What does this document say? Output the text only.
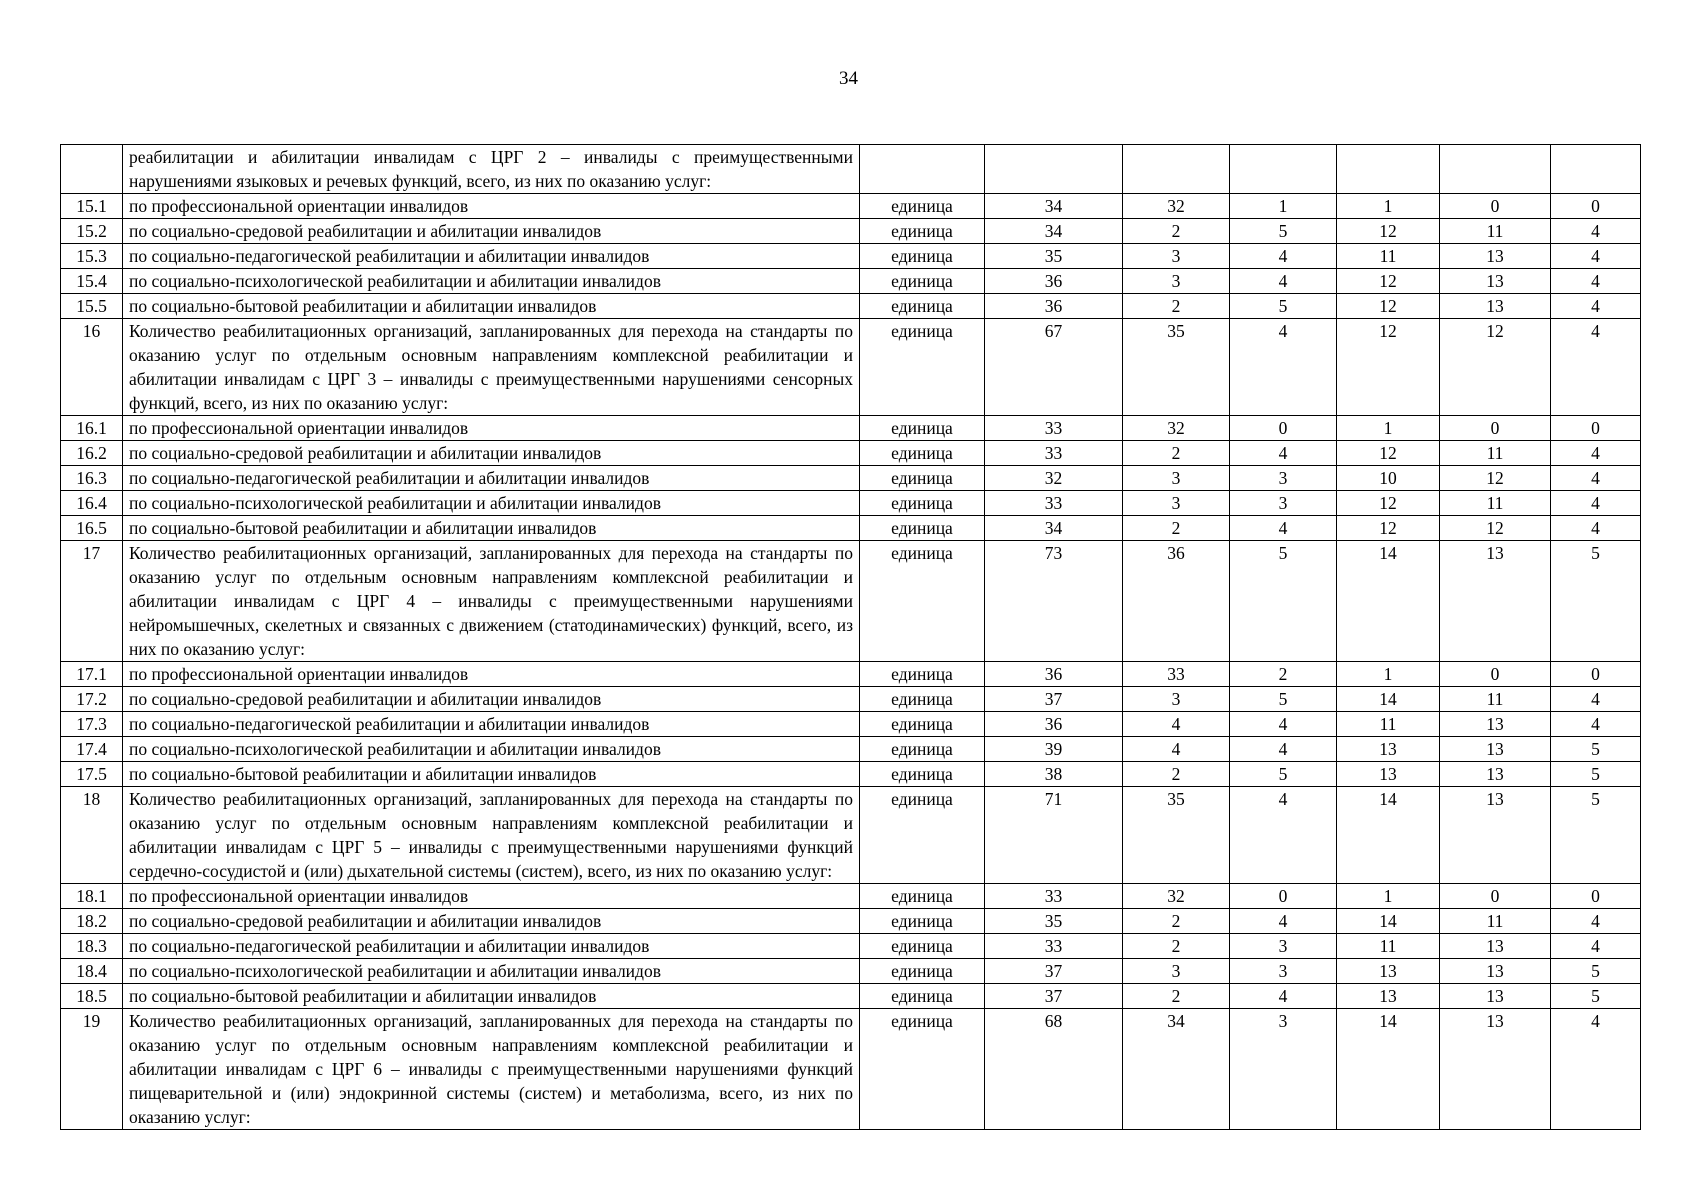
34
	реабилитации и абилитации инвалидам с ЦРГ 2 – инвалиды с преимущественными нарушениями языковых и речевых функций, всего, из них по оказанию услуг:							
15.1	по профессиональной ориентации инвалидов	единица	34	32	1	1	0	0
15.2	по социально-средовой реабилитации и абилитации инвалидов	единица	34	2	5	12	11	4
15.3	по социально-педагогической реабилитации и абилитации инвалидов	единица	35	3	4	11	13	4
15.4	по социально-психологической реабилитации и абилитации инвалидов	единица	36	3	4	12	13	4
15.5	по социально-бытовой реабилитации и абилитации инвалидов	единица	36	2	5	12	13	4
16	Количество реабилитационных организаций, запланированных для перехода на стандарты по оказанию услуг по отдельным основным направлениям комплексной реабилитации и абилитации инвалидам с ЦРГ 3 – инвалиды с преимущественными нарушениями сенсорных функций, всего, из них по оказанию услуг:	единица	67	35	4	12	12	4
16.1	по профессиональной ориентации инвалидов	единица	33	32	0	1	0	0
16.2	по социально-средовой реабилитации и абилитации инвалидов	единица	33	2	4	12	11	4
16.3	по социально-педагогической реабилитации и абилитации инвалидов	единица	32	3	3	10	12	4
16.4	по социально-психологической реабилитации и абилитации инвалидов	единица	33	3	3	12	11	4
16.5	по социально-бытовой реабилитации и абилитации инвалидов	единица	34	2	4	12	12	4
17	Количество реабилитационных организаций, запланированных для перехода на стандарты по оказанию услуг по отдельным основным направлениям комплексной реабилитации и абилитации инвалидам с ЦРГ 4 – инвалиды с преимущественными нарушениями нейромышечных, скелетных и связанных с движением (статодинамических) функций, всего, из них по оказанию услуг:	единица	73	36	5	14	13	5
17.1	по профессиональной ориентации инвалидов	единица	36	33	2	1	0	0
17.2	по социально-средовой реабилитации и абилитации инвалидов	единица	37	3	5	14	11	4
17.3	по социально-педагогической реабилитации и абилитации инвалидов	единица	36	4	4	11	13	4
17.4	по социально-психологической реабилитации и абилитации инвалидов	единица	39	4	4	13	13	5
17.5	по социально-бытовой реабилитации и абилитации инвалидов	единица	38	2	5	13	13	5
18	Количество реабилитационных организаций, запланированных для перехода на стандарты по оказанию услуг по отдельным основным направлениям комплексной реабилитации и абилитации инвалидам с ЦРГ 5 – инвалиды с преимущественными нарушениями функций сердечно-сосудистой и (или) дыхательной системы (систем), всего, из них по оказанию услуг:	единица	71	35	4	14	13	5
18.1	по профессиональной ориентации инвалидов	единица	33	32	0	1	0	0
18.2	по социально-средовой реабилитации и абилитации инвалидов	единица	35	2	4	14	11	4
18.3	по социально-педагогической реабилитации и абилитации инвалидов	единица	33	2	3	11	13	4
18.4	по социально-психологической реабилитации и абилитации инвалидов	единица	37	3	3	13	13	5
18.5	по социально-бытовой реабилитации и абилитации инвалидов	единица	37	2	4	13	13	5
19	Количество реабилитационных организаций, запланированных для перехода на стандарты по оказанию услуг по отдельным основным направлениям комплексной реабилитации и абилитации инвалидам с ЦРГ 6 – инвалиды с преимущественными нарушениями функций пищеварительной и (или) эндокринной системы (систем) и метаболизма, всего, из них по оказанию услуг:	единица	68	34	3	14	13	4
